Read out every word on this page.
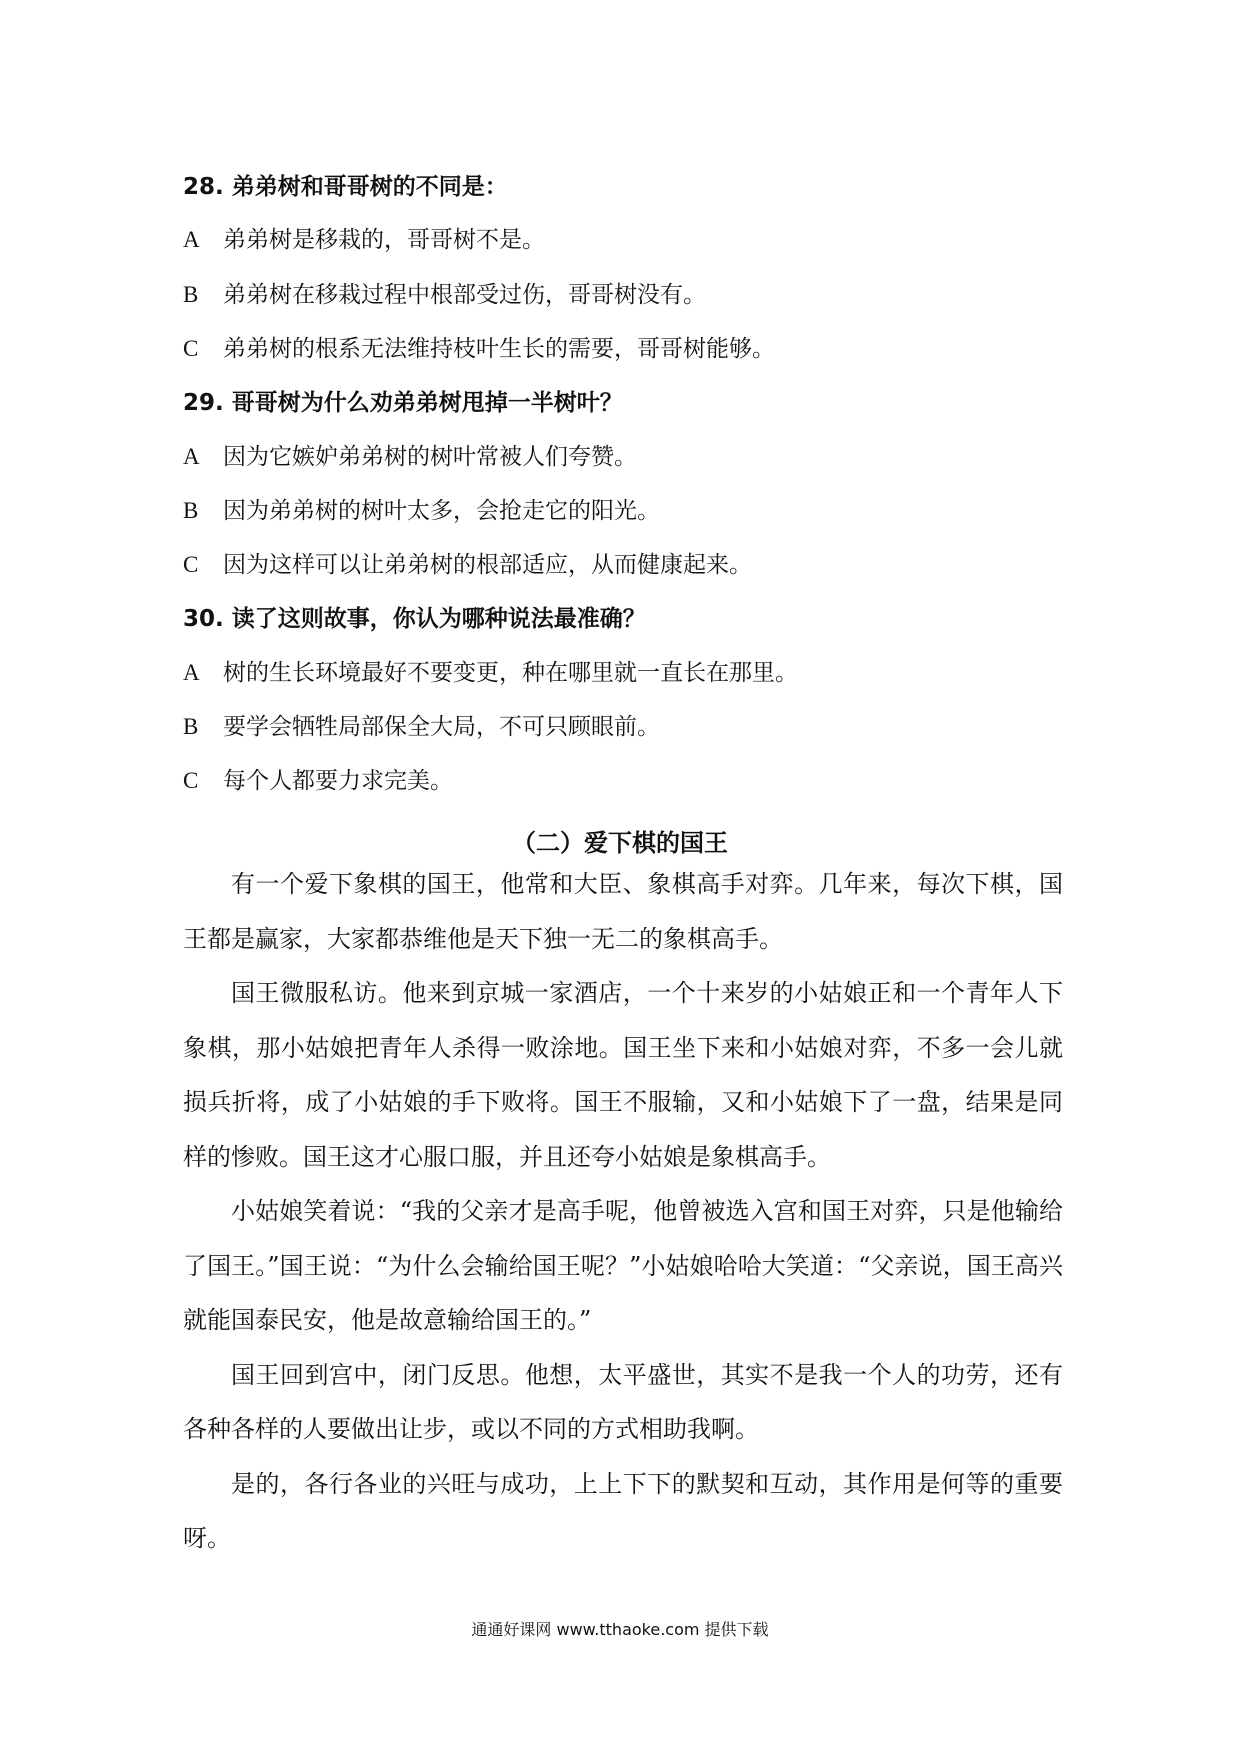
28. 弟弟树和哥哥树的不同是：
A 弟弟树是移栽的，哥哥树不是。
B 弟弟树在移栽过程中根部受过伤，哥哥树没有。
C 弟弟树的根系无法维持枝叶生长的需要，哥哥树能够。
29. 哥哥树为什么劝弟弟树甩掉一半树叶？
A 因为它嫉妒弟弟树的树叶常被人们夸赞。
B 因为弟弟树的树叶太多，会抢走它的阳光。
C 因为这样可以让弟弟树的根部适应，从而健康起来。
30. 读了这则故事，你认为哪种说法最准确？
A 树的生长环境最好不要变更，种在哪里就一直长在那里。
B 要学会牺牲局部保全大局，不可只顾眼前。
C 每个人都要力求完美。
（二）爱下棋的国王

有一个爱下象棋的国王，他常和大臣、象棋高手对弈。几年来，每次下棋，国王都是赢家，大家都恭维他是天下独一无二的象棋高手。

国王微服私访。他来到京城一家酒店，一个十来岁的小姑娘正和一个青年人下象棋，那小姑娘把青年人杀得一败涂地。国王坐下来和小姑娘对弈，不多一会儿就损兵折将，成了小姑娘的手下败将。国王不服输，又和小姑娘下了一盘，结果是同样的惨败。国王这才心服口服，并且还夸小姑娘是象棋高手。

小姑娘笑着说：“我的父亲才是高手呢，他曾被选入宫和国王对弈，只是他输给了国王。”国王说：“为什么会输给国王呢？”小姑娘哈哈大笑道：“父亲说，国王高兴就能国泰民安，他是故意输给国王的。”

国王回到宫中，闭门反思。他想，太平盛世，其实不是我一个人的功劳，还有各种各样的人要做出让步，或以不同的方式相助我啊。

是的，各行各业的兴旺与成功，上上下下的默契和互动，其作用是何等的重要呀。

通通好课网 www.tthaoke.com 提供下载
